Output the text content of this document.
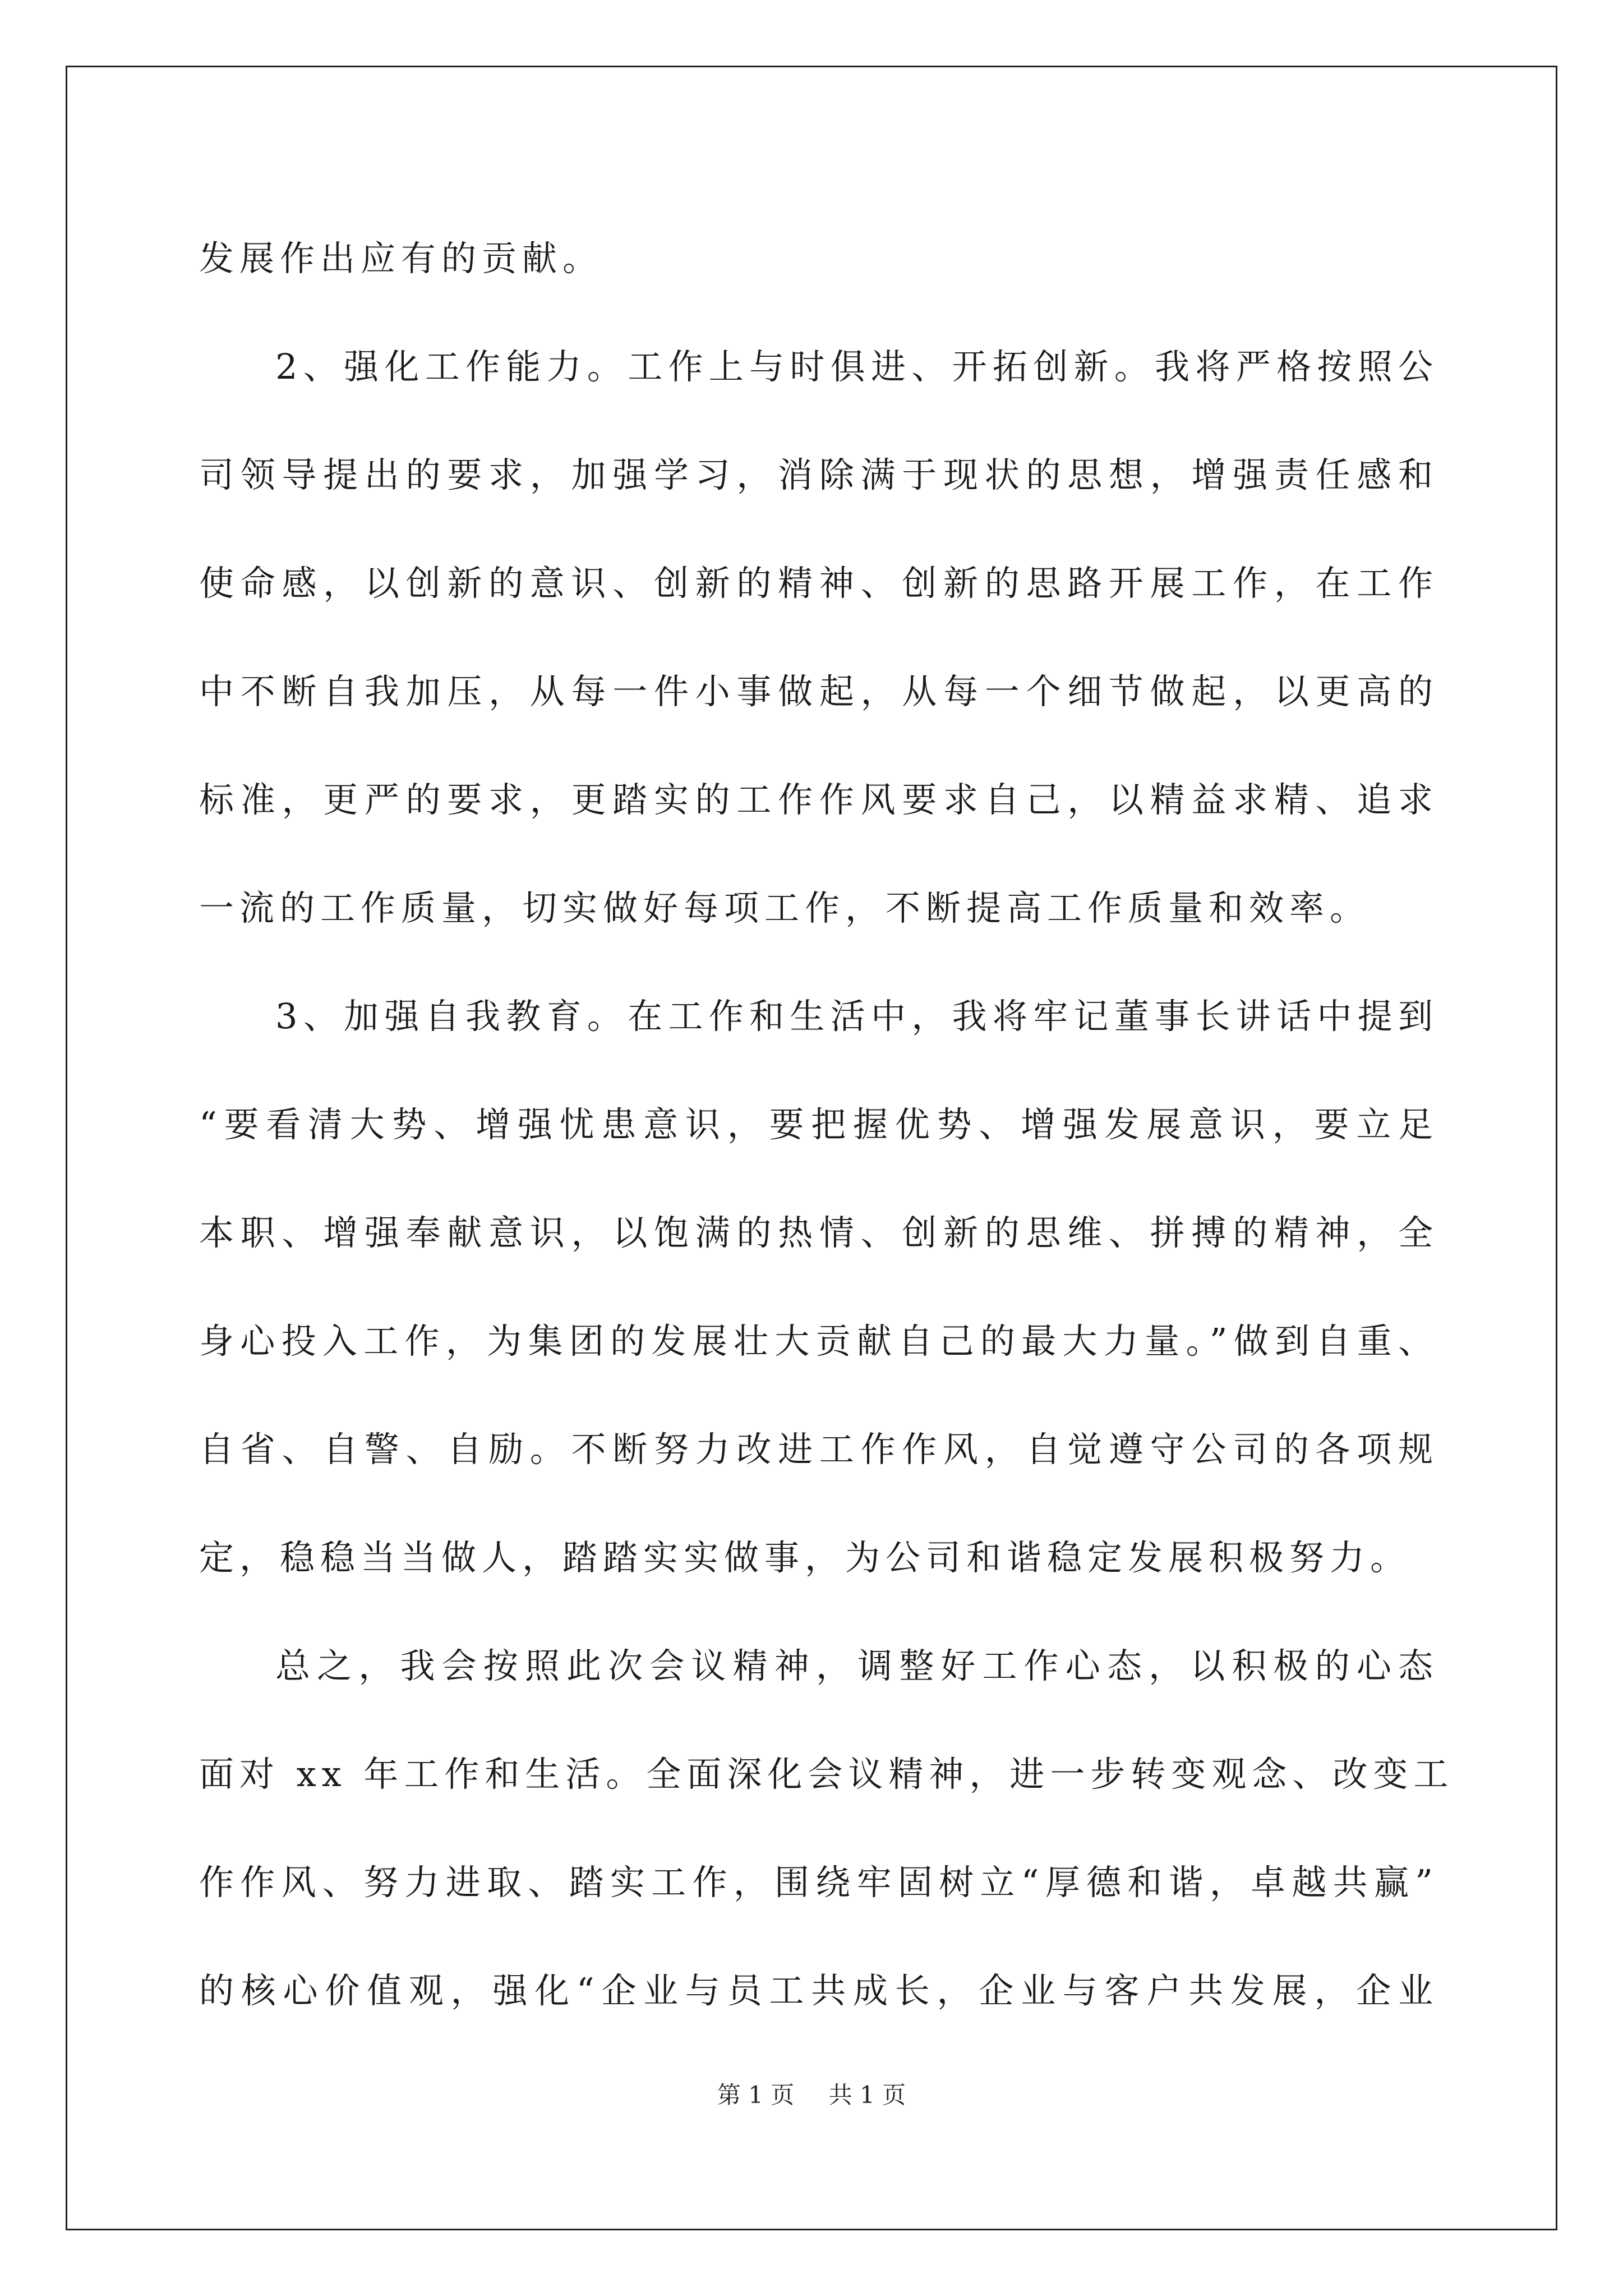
发展作出应有的贡献。
2、强化工作能力。工作上与时俱进、开拓创新。我将严格按照公
司领导提出的要求，加强学习，消除满于现状的思想，增强责任感和
使命感，以创新的意识、创新的精神、创新的思路开展工作，在工作
中不断自我加压，从每一件小事做起，从每一个细节做起，以更高的
标准，更严的要求，更踏实的工作作风要求自己，以精益求精、追求
一流的工作质量，切实做好每项工作，不断提高工作质量和效率。
3、加强自我教育。在工作和生活中，我将牢记董事长讲话中提到
“要看清大势、增强忧患意识，要把握优势、增强发展意识，要立足
本职、增强奉献意识，以饱满的热情、创新的思维、拼搏的精神，全
身心投入工作，为集团的发展壮大贡献自己的最大力量。”做到自重、
自省、自警、自励。不断努力改进工作作风，自觉遵守公司的各项规
定，稳稳当当做人，踏踏实实做事，为公司和谐稳定发展积极努力。
总之，我会按照此次会议精神，调整好工作心态，以积极的心态
面对 xx 年工作和生活。全面深化会议精神，进一步转变观念、改变工
作作风、努力进取、踏实工作，围绕牢固树立“厚德和谐，卓越共赢”
的核心价值观，强化“企业与员工共成长，企业与客户共发展，企业
第 1 页 共 1 页
